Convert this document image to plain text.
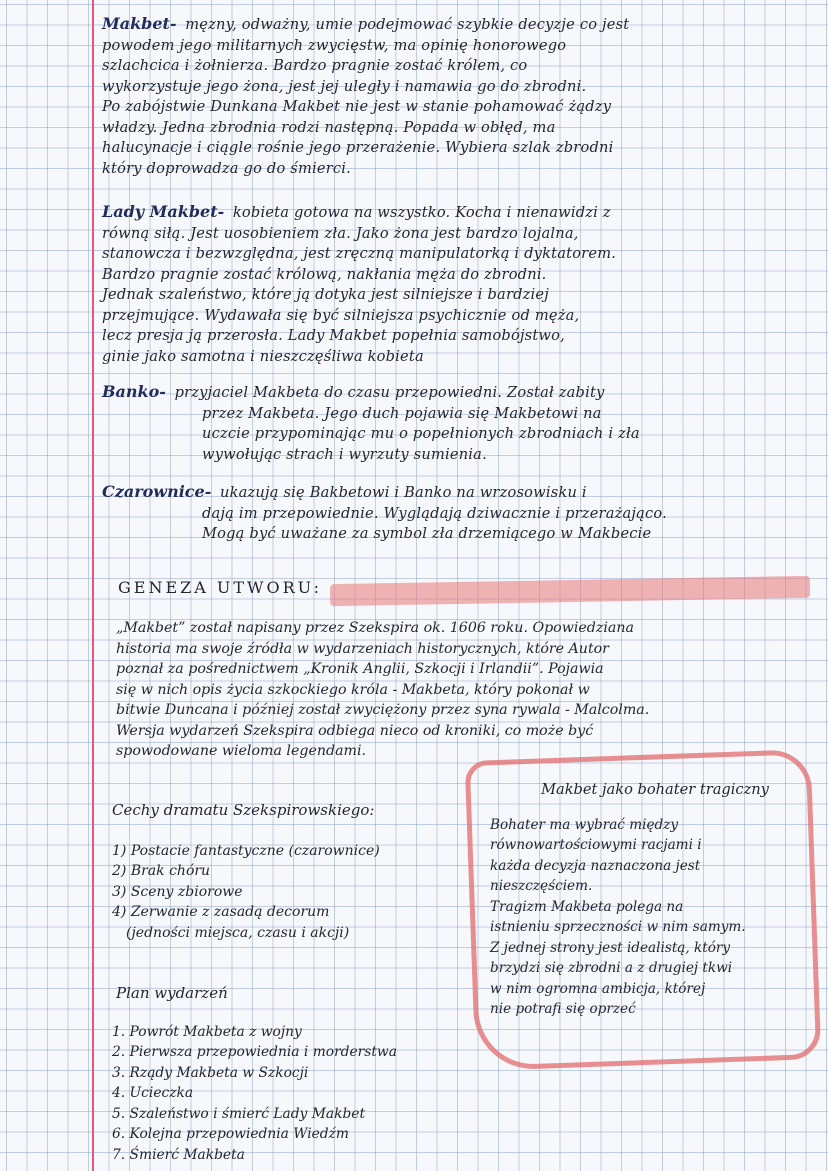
Makbet- męzny, odważny, umie podejmować szybkie decyzje co jest
powodem jego militarnych zwycięstw, ma opinię honorowego
szlachcica i żołnierza. Bardzo pragnie zostać królem, co
wykorzystuje jego żona, jest jej uległy i namawia go do zbrodni.
Po zabójstwie Dunkana Makbet nie jest w stanie pohamować żądzy
władzy. Jedna zbrodnia rodzi następną. Popada w obłęd, ma
halucynacje i ciągle rośnie jego przerażenie. Wybiera szlak zbrodni
który doprowadza go do śmierci.
Lady Makbet- kobieta gotowa na wszystko. Kocha i nienawidzi z
równą siłą. Jest uosobieniem zła. Jako żona jest bardzo lojalna,
stanowcza i bezwzględna, jest zręczną manipulatorką i dyktatorem.
Bardzo pragnie zostać królową, nakłania męża do zbrodni.
Jednak szaleństwo, które ją dotyka jest silniejsze i bardziej
przejmujące. Wydawała się być silniejsza psychicznie od męża,
lecz presja ją przerosła. Lady Makbet popełnia samobójstwo,
ginie jako samotna i nieszczęśliwa kobieta
Banko- przyjaciel Makbeta do czasu przepowiedni. Został zabity
przez Makbeta. Jego duch pojawia się Makbetowi na
uczcie przypominając mu o popełnionych zbrodniach i zła
wywołując strach i wyrzuty sumienia.
Czarownice- ukazują się Bakbetowi i Banko na wrzosowisku i
dają im przepowiednie. Wyglądają dziwacznie i przerażająco.
Mogą być uważane za symbol zła drzemiącego w Makbecie
GENEZA UTWORU:
„Makbet” został napisany przez Szekspira ok. 1606 roku. Opowiedziana
historia ma swoje źródła w wydarzeniach historycznych, które Autor
poznał za pośrednictwem „Kronik Anglii, Szkocji i Irlandii”. Pojawia
się w nich opis życia szkockiego króla - Makbeta, który pokonał w
bitwie Duncana i później został zwyciężony przez syna rywala - Malcolma.
Wersja wydarzeń Szekspira odbiega nieco od kroniki, co może być
spowodowane wieloma legendami.
Cechy dramatu Szekspirowskiego:
1) Postacie fantastyczne (czarownice)
2) Brak chóru
3) Sceny zbiorowe
4) Zerwanie z zasadą decorum
(jedności miejsca, czasu i akcji)
Plan wydarzeń
1. Powrót Makbeta z wojny
2. Pierwsza przepowiednia i morderstwa
3. Rządy Makbeta w Szkocji
4. Ucieczka
5. Szaleństwo i śmierć Lady Makbet
6. Kolejna przepowiednia Wiedźm
7. Śmierć Makbeta
Makbet jako bohater tragiczny
Bohater ma wybrać między
równowartościowymi racjami i
każda decyzja naznaczona jest
nieszczęściem.
Tragizm Makbeta polega na
istnieniu sprzeczności w nim samym.
Z jednej strony jest idealistą, który
brzydzi się zbrodni a z drugiej tkwi
w nim ogromna ambicja, której
nie potrafi się oprzeć
